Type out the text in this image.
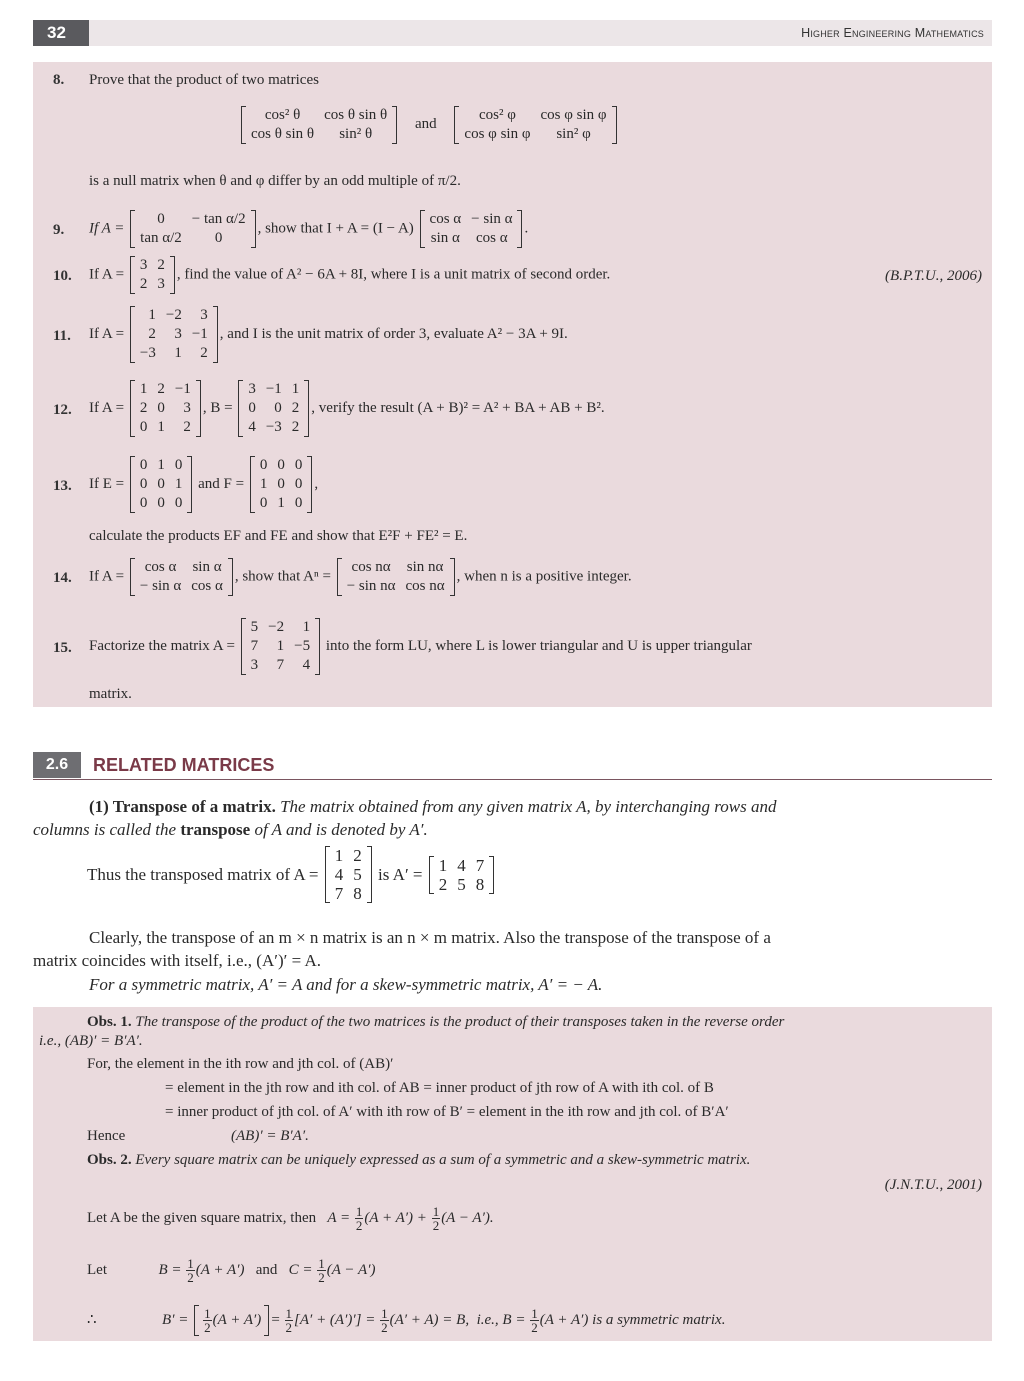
32	Higher Engineering Mathematics
8. Prove that the product of two matrices
cos² θ	cos θ sin θ
cos θ sin θ	sin² θ
and
cos² φ	cos φ sin φ
cos φ sin φ	sin² φ
is a null matrix when θ and φ differ by an odd multiple of π/2.
9. If A =
0	− tan α/2
tan α/2	0
, show that I + A = (I − A)
cos α	− sin α
sin α	cos α
.
10. If A =
3	2
2	3
, find the value of A² − 6A + 8I, where I is a unit matrix of second order.	(B.P.T.U., 2006)
11. If A =
1	−2	3
2	3	−1
−3	1	2
, and I is the unit matrix of order 3, evaluate A² − 3A + 9I.
12. If A =
1	2	−1
2	0	3
0	1	2
, B =
3	−1	1
0	0	2
4	−3	2
, verify the result (A + B)² = A² + BA + AB + B².
13. If E =
0	1	0
0	0	1
0	0	0
and F =
0	0	0
1	0	0
0	1	0
,
calculate the products EF and FE and show that E²F + FE² = E.
14. If A =
cos α	sin α
− sin α	cos α
, show that Aⁿ =
cos nα	sin nα
− sin nα	cos nα
, when n is a positive integer.
15. Factorize the matrix A =
5	−2	1
7	1	−5
3	7	4
into the form LU, where L is lower triangular and U is upper triangular
matrix.
2.6	RELATED MATRICES
(1) Transpose of a matrix. The matrix obtained from any given matrix A, by interchanging rows and
columns is called the transpose of A and is denoted by A′.
Thus the transposed matrix of A =
1	2
4	5
7	8
is A′ = 1	4	7
2	5	8
Clearly, the transpose of an m × n matrix is an n × m matrix. Also the transpose of the transpose of a
matrix coincides with itself, i.e., (A′)′ = A.
For a symmetric matrix, A′ = A and for a skew-symmetric matrix, A′ = − A.
Obs. 1. The transpose of the product of the two matrices is the product of their transposes taken in the reverse order
i.e., (AB)′ = B′A′.
For, the element in the ith row and jth col. of (AB)′
= element in the jth row and ith col. of AB = inner product of jth row of A with ith col. of B
= inner product of jth col. of A′ with ith row of B′ = element in the ith row and jth col. of B′A′
Hence	(AB)′ = B′A′.
Obs. 2. Every square matrix can be uniquely expressed as a sum of a symmetric and a skew-symmetric matrix.
(J.N.T.U., 2001)
Let A be the given square matrix, then $A = \frac{1}{2} (A + A') + \frac{1}{2} (A - A')$.
Let	$B = \frac{1}{2} (A + A')$ and $C = \frac{1}{2} (A - A')$
∴	$B' = \frac{1}{2} (A + A') = \frac{1}{2} [A' + (A')'] = \frac{1}{2} (A' + A) = B$, i.e., $B = \frac{1}{2} (A + A')$ is a symmetric matrix.
